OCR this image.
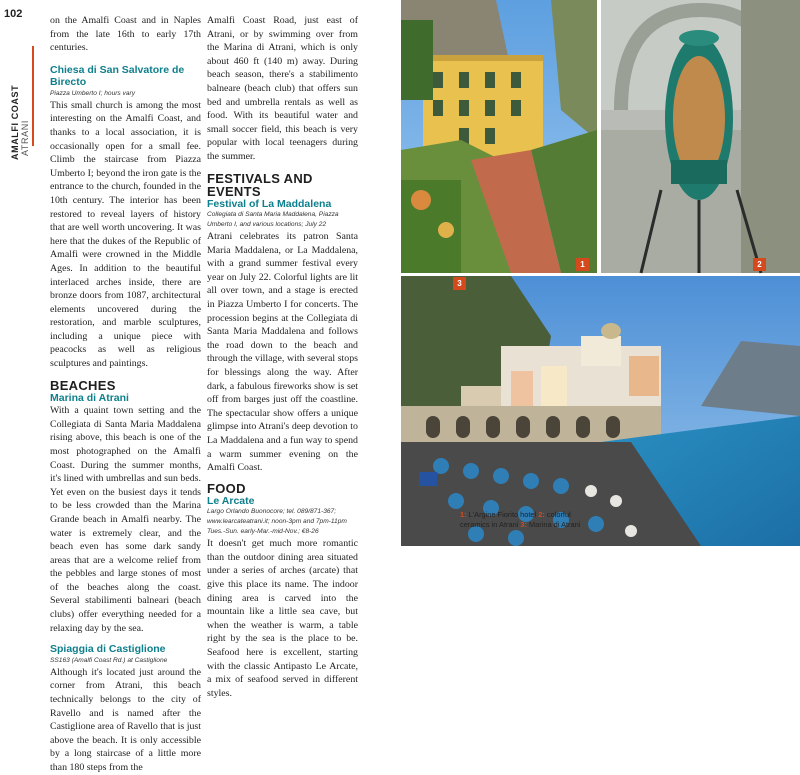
102
AMALFI COAST ATRANI

on the Amalfi Coast and in Naples from the late 16th to early 17th centuries.

Chiesa di San Salvatore de Birecto
Piazza Umberto I; hours vary

This small church is among the most interesting on the Amalfi Coast, and thanks to a local association, it is occasionally open for a small fee. Climb the staircase from Piazza Umberto I; beyond the iron gate is the entrance to the church, founded in the 10th century. The interior has been restored to reveal layers of history that are well worth uncovering. It was here that the dukes of the Republic of Amalfi were crowned in the Middle Ages. In addition to the beautiful interlaced arches inside, there are bronze doors from 1087, architectural elements uncovered during the restoration, and marble sculptures, including a unique piece with peacocks as well as religious sculptures and paintings.

BEACHES
Marina di Atrani

With a quaint town setting and the Collegiata di Santa Maria Maddalena rising above, this beach is one of the most photographed on the Amalfi Coast. During the summer months, it's lined with umbrellas and sun beds. Yet even on the busiest days it tends to be less crowded than the Marina Grande beach in Amalfi nearby. The water is extremely clear, and the beach even has some dark sandy areas that are a welcome relief from the pebbles and large stones of most of the beaches along the coast. Several stabilimenti balneari (beach clubs) offer everything needed for a relaxing day by the sea.

Spiaggia di Castiglione
SS163 (Amalfi Coast Rd.) at Castiglione

Although it's located just around the corner from Atrani, this beach technically belongs to the city of Ravello and is named after the Castiglione area of Ravello that is just above the beach. It is only accessible by a long staircase of a little more than 180 steps from the

Amalfi Coast Road, just east of Atrani, or by swimming over from the Marina di Atrani, which is only about 460 ft (140 m) away. During beach season, there's a stabilimento balneare (beach club) that offers sun bed and umbrella rentals as well as food. With its beautiful water and small soccer field, this beach is very popular with local teenagers during the summer.

FESTIVALS AND EVENTS
Festival of La Maddalena
Collegiata di Santa Maria Maddalena, Piazza Umberto I, and various locations; July 22

Atrani celebrates its patron Santa Maria Maddalena, or La Maddalena, with a grand summer festival every year on July 22. Colorful lights are lit all over town, and a stage is erected in Piazza Umberto I for concerts. The procession begins at the Collegiata di Santa Maria Maddalena and follows the road down to the beach and through the village, with several stops for blessings along the way. After dark, a fabulous fireworks show is set off from barges just off the coastline. The spectacular show offers a unique glimpse into Atrani's deep devotion to La Maddalena and a fun way to spend a warm summer evening on the Amalfi Coast.

FOOD
Le Arcate
Largo Orlando Buonocore; tel. 089/871-367; www.learcateatrani.it; noon-3pm and 7pm-11pm Tues.-Sun. early-Mar.-mid-Nov.; €8-26

It doesn't get much more romantic than the outdoor dining area situated under a series of arches (arcate) that give this place its name. The indoor dining area is carved into the mountain like a little sea cave, but when the weather is warm, a table right by the sea is the place to be. Seafood here is excellent, starting with the classic Antipasto Le Arcate, a mix of seafood served in different styles.

1	2
3
1: L'Argine Fiorito hotel 2: colorful ceramics in Atrani 3: Marina di Atrani
